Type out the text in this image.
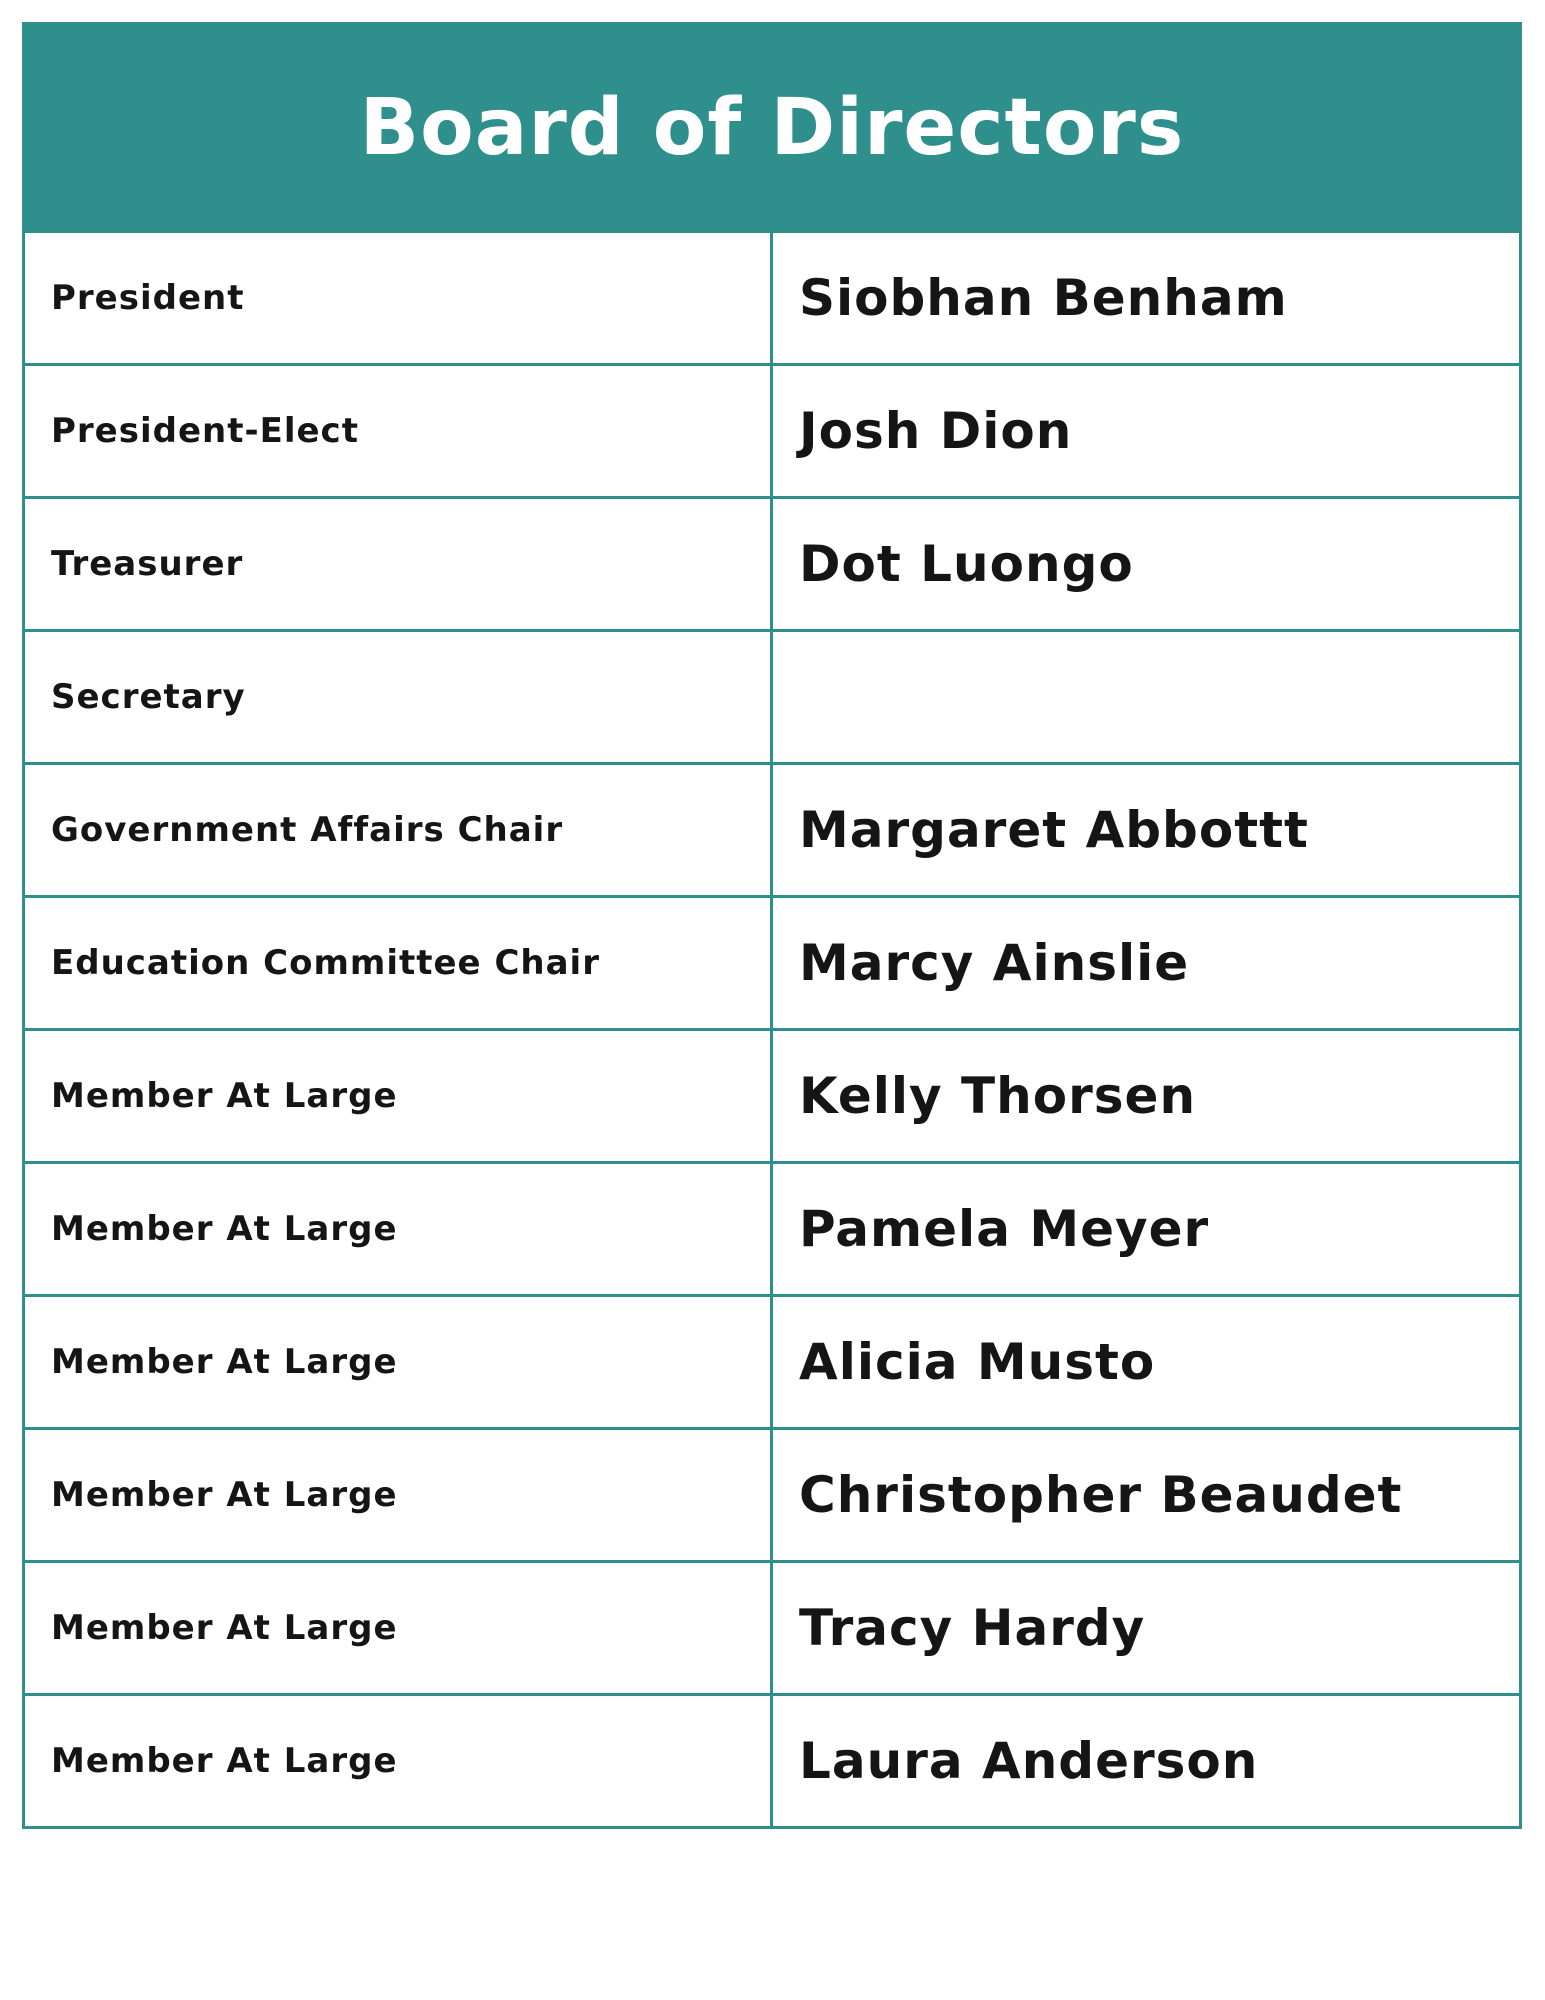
Board of Directors
President	Siobhan Benham
President-Elect	Josh Dion
Treasurer	Dot Luongo
Secretary
Government Affairs Chair	Margaret Abbottt
Education Committee Chair	Marcy Ainslie
Member At Large	Kelly Thorsen
Member At Large	Pamela Meyer
Member At Large	Alicia Musto
Member At Large	Christopher Beaudet
Member At Large	Tracy Hardy
Member At Large	Laura Anderson
